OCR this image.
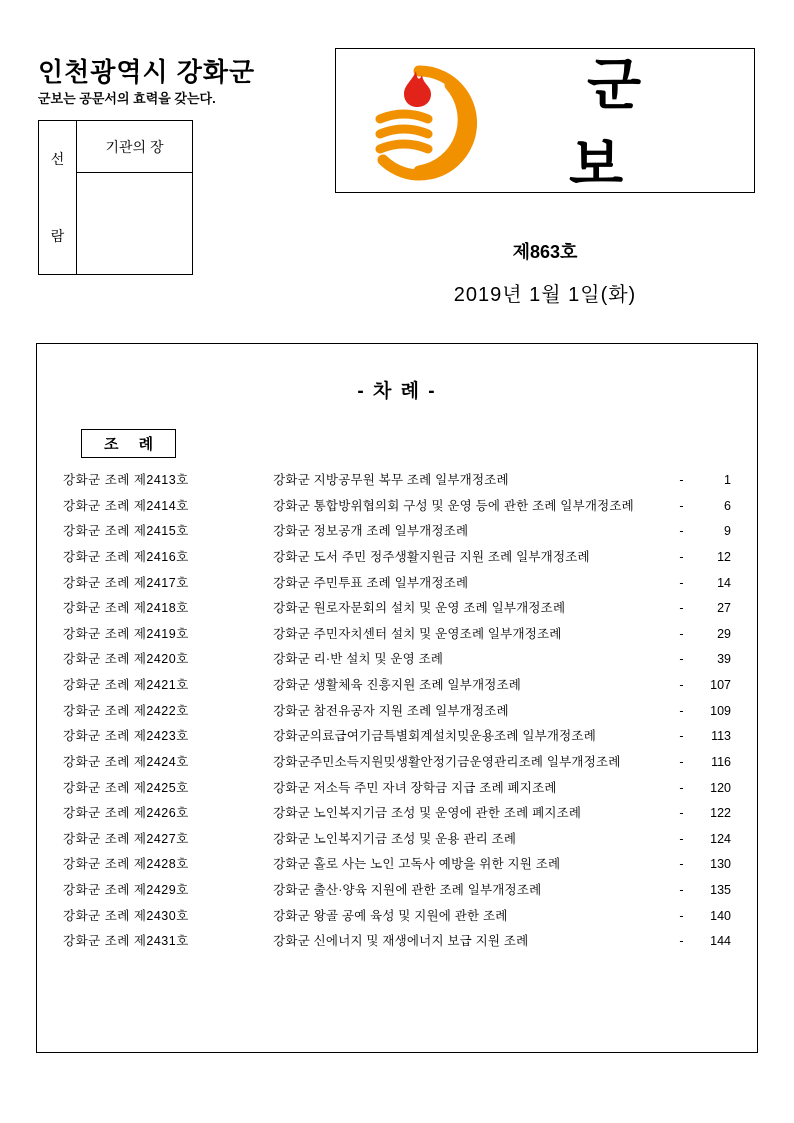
인천광역시 강화군
군보는 공문서의 효력을 갖는다.
선
람
기관의 장
군 보
제863호
2019년 1월 1일(화)
- 차 례 -
조 례
강화군 조례 제2413호	강화군 지방공무원 복무 조례 일부개정조례	-	1
강화군 조례 제2414호	강화군 통합방위협의회 구성 및 운영 등에 관한 조례 일부개정조례	-	6
강화군 조례 제2415호	강화군 정보공개 조례 일부개정조례	-	9
강화군 조례 제2416호	강화군 도서 주민 정주생활지원금 지원 조례 일부개정조례	-	12
강화군 조례 제2417호	강화군 주민투표 조례 일부개정조례	-	14
강화군 조례 제2418호	강화군 원로자문회의 설치 및 운영 조례 일부개정조례	-	27
강화군 조례 제2419호	강화군 주민자치센터 설치 및 운영조례 일부개정조례	-	29
강화군 조례 제2420호	강화군 리·반 설치 및 운영 조례	-	39
강화군 조례 제2421호	강화군 생활체육 진흥지원 조례 일부개정조례	-	107
강화군 조례 제2422호	강화군 참전유공자 지원 조례 일부개정조례	-	109
강화군 조례 제2423호	강화군의료급여기금특별회계설치밎운용조례 일부개정조례	-	113
강화군 조례 제2424호	강화군주민소득지원밎생활안정기금운영관리조례 일부개정조례	-	116
강화군 조례 제2425호	강화군 저소득 주민 자녀 장학금 지급 조례 폐지조례	-	120
강화군 조례 제2426호	강화군 노인복지기금 조성 및 운영에 관한 조례 폐지조례	-	122
강화군 조례 제2427호	강화군 노인복지기금 조성 및 운용 관리 조례	-	124
강화군 조례 제2428호	강화군 홀로 사는 노인 고독사 예방을 위한 지원 조례	-	130
강화군 조례 제2429호	강화군 출산·양육 지원에 관한 조례 일부개정조례	-	135
강화군 조례 제2430호	강화군 왕골 공예 육성 및 지원에 관한 조례	-	140
강화군 조례 제2431호	강화군 신에너지 및 재생에너지 보급 지원 조례	-	144
